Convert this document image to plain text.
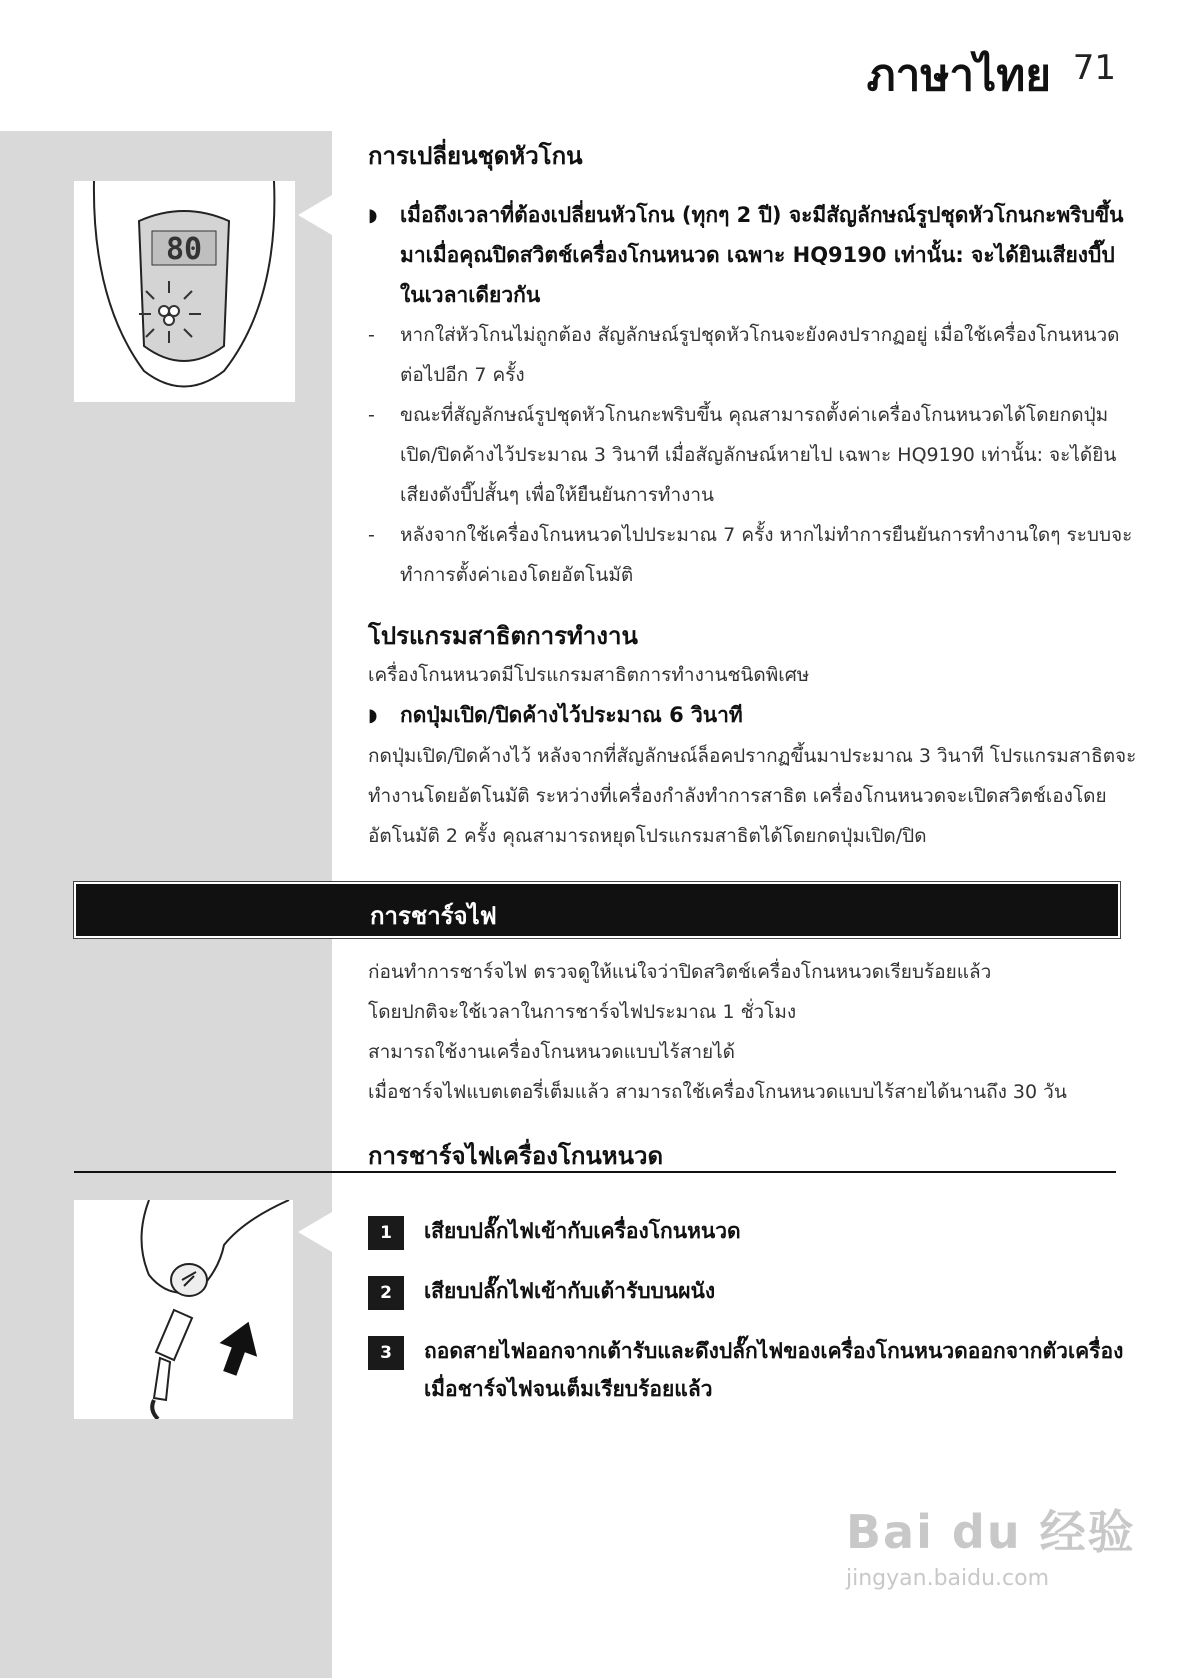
ภาษาไทย 71
80
การเปลี่ยนชุดหัวโกน
◗	เมื่อถึงเวลาที่ต้องเปลี่ยนหัวโกน (ทุกๆ 2 ปี) จะมีสัญลักษณ์รูปชุดหัวโกนกะพริบขึ้นมาเมื่อคุณปิดสวิตช์เครื่องโกนหนวด เฉพาะ HQ9190 เท่านั้น: จะได้ยินเสียงบี๊ปในเวลาเดียวกัน
-	หากใส่หัวโกนไม่ถูกต้อง สัญลักษณ์รูปชุดหัวโกนจะยังคงปรากฏอยู่ เมื่อใช้เครื่องโกนหนวดต่อไปอีก 7 ครั้ง
-	ขณะที่สัญลักษณ์รูปชุดหัวโกนกะพริบขึ้น คุณสามารถตั้งค่าเครื่องโกนหนวดได้โดยกดปุ่มเปิด/ปิดค้างไว้ประมาณ 3 วินาที เมื่อสัญลักษณ์หายไป เฉพาะ HQ9190 เท่านั้น: จะได้ยินเสียงดังบี๊ปสั้นๆ เพื่อให้ยืนยันการทำงาน
-	หลังจากใช้เครื่องโกนหนวดไปประมาณ 7 ครั้ง หากไม่ทำการยืนยันการทำงานใดๆ ระบบจะทำการตั้งค่าเองโดยอัตโนมัติ
โปรแกรมสาธิตการทำงาน

เครื่องโกนหนวดมีโปรแกรมสาธิตการทำงานชนิดพิเศษ

◗	กดปุ่มเปิด/ปิดค้างไว้ประมาณ 6 วินาที

กดปุ่มเปิด/ปิดค้างไว้ หลังจากที่สัญลักษณ์ล็อคปรากฏขึ้นมาประมาณ 3 วินาที โปรแกรมสาธิตจะทำงานโดยอัตโนมัติ ระหว่างที่เครื่องกำลังทำการสาธิต เครื่องโกนหนวดจะเปิดสวิตช์เองโดยอัตโนมัติ 2 ครั้ง คุณสามารถหยุดโปรแกรมสาธิตได้โดยกดปุ่มเปิด/ปิด

การชาร์จไฟ

ก่อนทำการชาร์จไฟ ตรวจดูให้แน่ใจว่าปิดสวิตช์เครื่องโกนหนวดเรียบร้อยแล้ว

โดยปกติจะใช้เวลาในการชาร์จไฟประมาณ 1 ชั่วโมง

สามารถใช้งานเครื่องโกนหนวดแบบไร้สายได้

เมื่อชาร์จไฟแบตเตอรี่เต็มแล้ว สามารถใช้เครื่องโกนหนวดแบบไร้สายได้นานถึง 30 วัน

การชาร์จไฟเครื่องโกนหนวด
1	เสียบปลั๊กไฟเข้ากับเครื่องโกนหนวด
2	เสียบปลั๊กไฟเข้ากับเต้ารับบนผนัง
3	ถอดสายไฟออกจากเต้ารับและดึงปลั๊กไฟของเครื่องโกนหนวดออกจากตัวเครื่อง เมื่อชาร์จไฟจนเต็มเรียบร้อยแล้ว
Bai du 经验
jingyan.baidu.com
